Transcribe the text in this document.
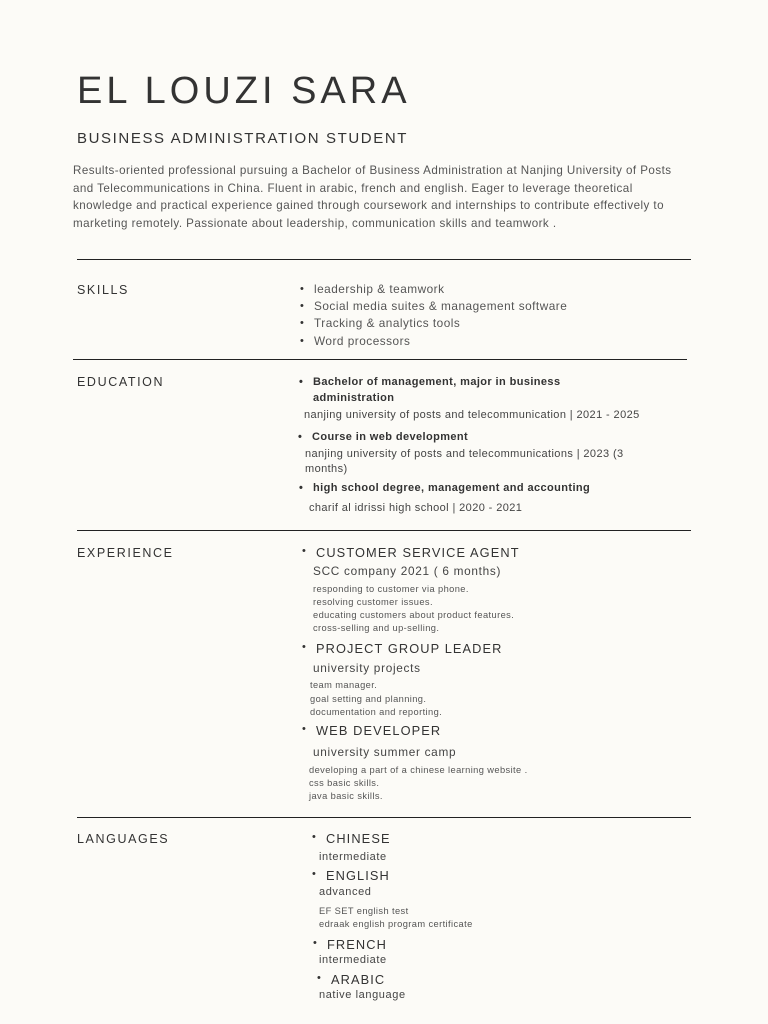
EL LOUZI SARA
BUSINESS ADMINISTRATION STUDENT

Results-oriented professional pursuing a Bachelor of Business Administration at Nanjing University of Posts and Telecommunications in China. Fluent in arabic, french and english. Eager to leverage theoretical knowledge and practical experience gained through coursework and internships to contribute effectively to marketing remotely. Passionate about leadership, communication skills and teamwork .

SKILLS	• leadership & teamwork
• Social media suites & management software
• Tracking & analytics tools
• Word processors

EDUCATION	• Bachelor of management, major in business

administration

nanjing university of posts and telecommunication | 2021 - 2025

• Course in web development

nanjing university of posts and telecommunications | 2023 (3

months)

• high school degree, management and accounting

charif al idrissi high school | 2020 - 2021

EXPERIENCE	• CUSTOMER SERVICE AGENT

SCC company 2021 ( 6 months)

responding to customer via phone.

resolving customer issues.

educating customers about product features.

cross-selling and up-selling.

• PROJECT GROUP LEADER

university projects

team manager.

goal setting and planning.

documentation and reporting.

• WEB DEVELOPER

university summer camp

developing a part of a chinese learning website .

css basic skills.

java basic skills.

LANGUAGES	• CHINESE

intermediate

• ENGLISH

advanced

EF SET english test

edraak english program certificate

• FRENCH

intermediate

• ARABIC

native language
